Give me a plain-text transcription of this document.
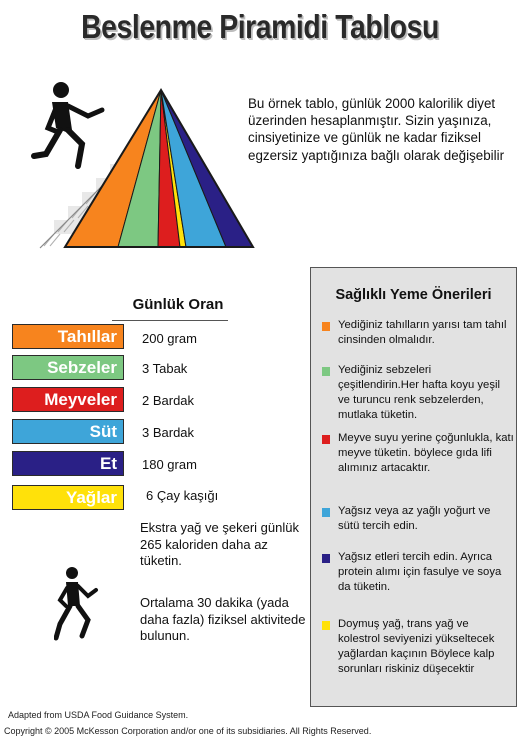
Beslenme Piramidi Tablosu
Bu örnek tablo, günlük 2000 kalorilik diyet üzerinden hesaplanmıştır. Sizin yaşınıza, cinsiyetinize ve günlük ne kadar fiziksel egzersiz yaptığınıza bağlı olarak değişebilir
Günlük Oran
Tahıllar	200 gram
Sebzeler	3 Tabak
Meyveler	2 Bardak
Süt	3 Bardak
Et	180 gram
Yağlar	6 Çay kaşığı
Ekstra yağ ve şekeri günlük 265 kaloriden daha az tüketin.
Ortalama 30 dakika (yada daha fazla) fiziksel aktivitede bulunun.
Sağlıklı Yeme Önerileri
Yediğiniz tahılların yarısı tam tahıl cinsinden olmalıdır.
Yediğiniz sebzeleri çeşitlendirin.Her hafta koyu yeşil ve turuncu renk sebzelerden, mutlaka tüketin.
Meyve suyu yerine çoğunlukla, katı meyve tüketin. böylece gıda lifi alımınız artacaktır.
Yağsız veya az yağlı yoğurt ve sütü tercih edin.
Yağsız etleri tercih edin. Ayrıca protein alımı için fasulye ve soya da tüketin.
Doymuş yağ, trans yağ ve kolestrol seviyenizi yükseltecek yağlardan kaçının Böylece kalp sorunları riskiniz düşecektir
Adapted from USDA Food Guidance System.
Copyright © 2005 McKesson Corporation and/or one of its subsidiaries. All Rights Reserved.
